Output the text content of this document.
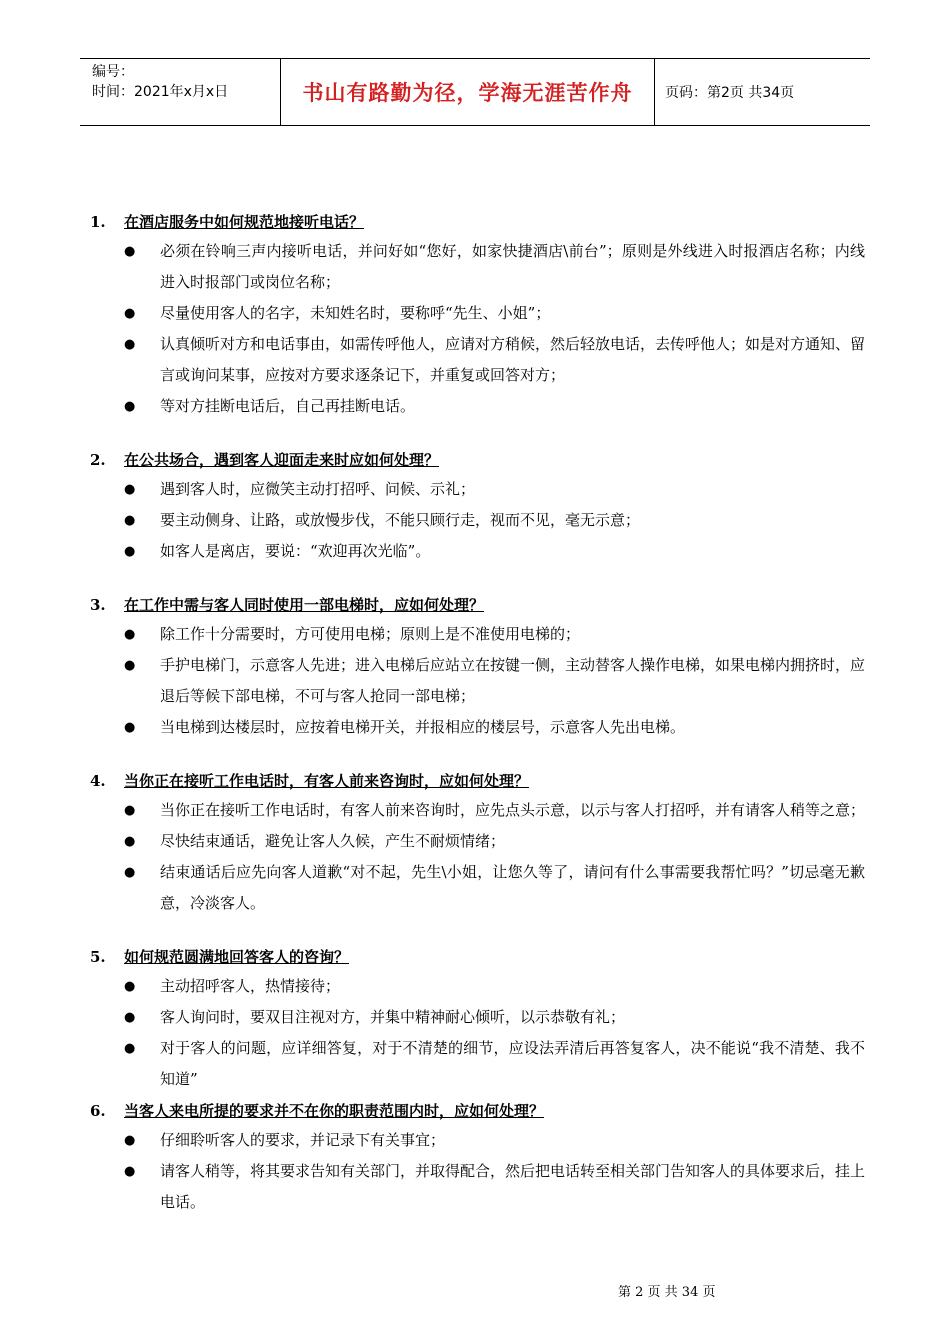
编号：
时间：2021年x月x日	书山有路勤为径，学海无涯苦作舟	页码：第2页 共34页
1.	在酒店服务中如何规范地接听电话？
●	必须在铃响三声内接听电话，并问好如“您好，如家快捷酒店\前台”；原则是外线进入时报酒店名称；内线进入时报部门或岗位名称；
●	尽量使用客人的名字，未知姓名时，要称呼“先生、小姐”；
●	认真倾听对方和电话事由，如需传呼他人，应请对方稍候，然后轻放电话，去传呼他人；如是对方通知、留言或询问某事，应按对方要求逐条记下，并重复或回答对方；
●	等对方挂断电话后，自己再挂断电话。
2.	在公共场合，遇到客人迎面走来时应如何处理？
●	遇到客人时，应微笑主动打招呼、问候、示礼；
●	要主动侧身、让路，或放慢步伐，不能只顾行走，视而不见，毫无示意；
●	如客人是离店，要说：“欢迎再次光临”。
3.	在工作中需与客人同时使用一部电梯时，应如何处理？
●	除工作十分需要时，方可使用电梯；原则上是不准使用电梯的；
●	手护电梯门，示意客人先进；进入电梯后应站立在按键一侧，主动替客人操作电梯，如果电梯内拥挤时，应退后等候下部电梯，不可与客人抢同一部电梯；
●	当电梯到达楼层时，应按着电梯开关，并报相应的楼层号，示意客人先出电梯。
4.	当你正在接听工作电话时，有客人前来咨询时，应如何处理？
●	当你正在接听工作电话时，有客人前来咨询时，应先点头示意，以示与客人打招呼，并有请客人稍等之意；
●	尽快结束通话，避免让客人久候，产生不耐烦情绪；
●	结束通话后应先向客人道歉“对不起，先生\小姐，让您久等了，请问有什么事需要我帮忙吗？”切忌毫无歉意，冷淡客人。
5.	如何规范圆满地回答客人的咨询？
●	主动招呼客人，热情接待；
●	客人询问时，要双目注视对方，并集中精神耐心倾听，以示恭敬有礼；
●	对于客人的问题，应详细答复，对于不清楚的细节，应设法弄清后再答复客人，决不能说“我不清楚、我不知道”
6.	当客人来电所提的要求并不在你的职责范围内时，应如何处理？
●	仔细聆听客人的要求，并记录下有关事宜；
●	请客人稍等，将其要求告知有关部门，并取得配合，然后把电话转至相关部门告知客人的具体要求后，挂上电话。
第 2 页 共 34 页
